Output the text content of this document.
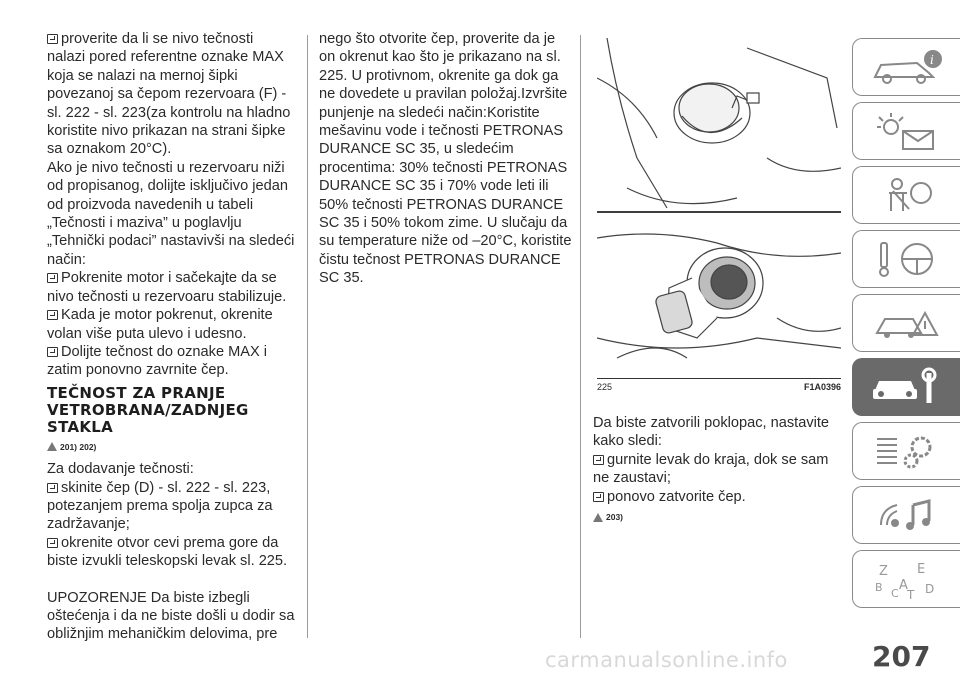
proverite da li se nivo tečnosti nalazi pored referentne oznake MAX koja se nalazi na mernoj šipki povezanoj sa čepom rezervoara (F) - sl. 222 - sl. 223(za kontrolu na hladno koristite nivo prikazan na strani šipke sa oznakom 20°C).

Ako je nivo tečnosti u rezervoaru niži od propisanog, dolijte isključivo jedan od proizvoda navedenih u tabeli „Tečnosti i maziva” u poglavlju „Tehnički podaci” nastavivši na sledeći način:

Pokrenite motor i sačekajte da se nivo tečnosti u rezervoaru stabilizuje.

Kada je motor pokrenut, okrenite volan više puta ulevo i udesno.

Dolijte tečnost do oznake MAX i zatim ponovno zavrnite čep.

TEČNOST ZA PRANJE VETROBRANA/ZADNJEG STAKLA
201) 202)

Za dodavanje tečnosti:

skinite čep (D) - sl. 222 - sl. 223, potezanjem prema spolja zupca za zadržavanje;

okrenite otvor cevi prema gore da biste izvukli teleskopski levak sl. 225.

UPOZORENJE Da biste izbegli oštećenja i da ne biste došli u dodir sa obližnjim mehaničkim delovima, pre

nego što otvorite čep, proverite da je on okrenut kao što je prikazano na sl. 225. U protivnom, okrenite ga dok ga ne dovedete u pravilan položaj.Izvršite punjenje na sledeći način:Koristite mešavinu vode i tečnosti PETRONAS DURANCE SC 35, u sledećim procentima: 30% tečnosti PETRONAS DURANCE SC 35 i 70% vode leti ili 50% tečnosti PETRONAS DURANCE SC 35 i 50% tokom zime. U slučaju da su temperature niže od –20°C, koristite čistu tečnost PETRONAS DURANCE SC 35.

225	F1A0396

Da biste zatvorili poklopac, nastavite kako sledi:

gurnite levak do kraja, dok se sam ne zaustavi;

ponovo zatvorite čep.

203)
i
Z E
B A
C T D
carmanualsonline.info	207
